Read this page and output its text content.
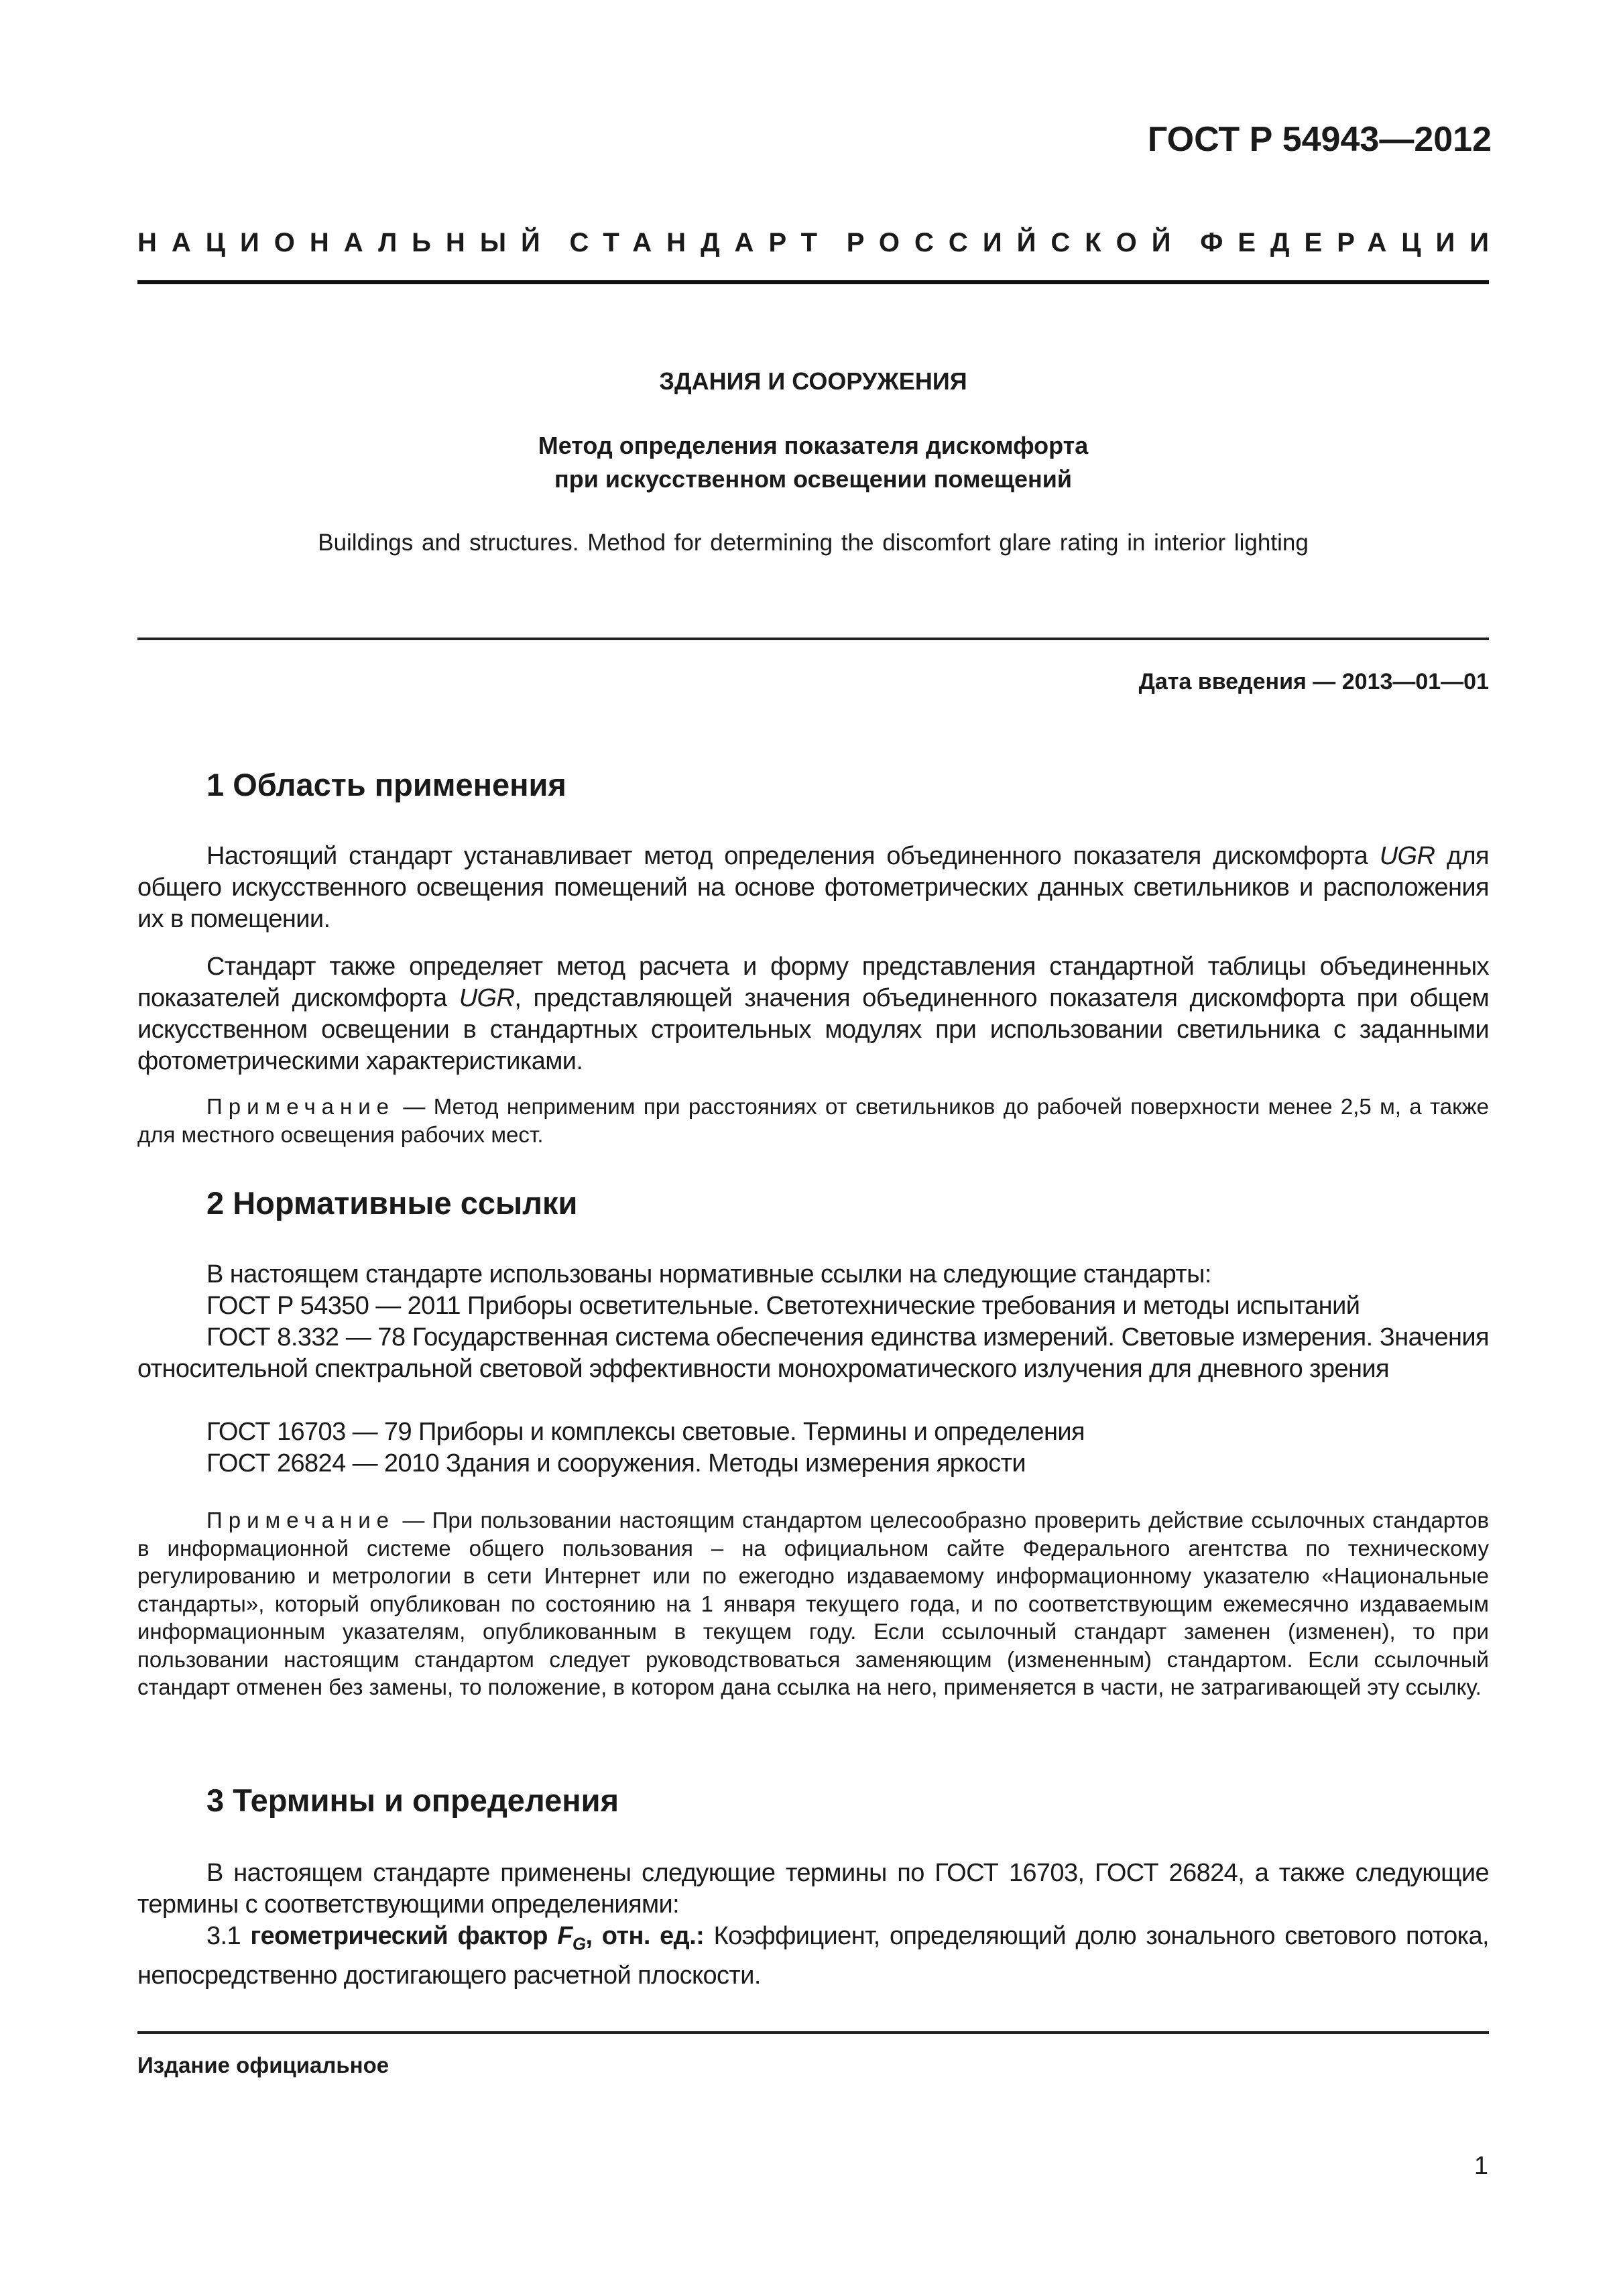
ГОСТ Р 54943—2012
НАЦИОНАЛЬНЫЙ СТАНДАРТ РОССИЙСКОЙ ФЕДЕРАЦИИ
ЗДАНИЯ И СООРУЖЕНИЯ
Метод определения показателя дискомфорта
при искусственном освещении помещений
Buildings and structures. Method for determining the discomfort glare rating in interior lighting
Дата введения — 2013—01—01
1 Область применения

Настоящий стандарт устанавливает метод определения объединенного показателя дискомфорта UGR для общего искусственного освещения помещений на основе фотометрических данных светильников и расположения их в помещении.

Стандарт также определяет метод расчета и форму представления стандартной таблицы объединенных показателей дискомфорта UGR, представляющей значения объединенного показателя дискомфорта при общем искусственном освещении в стандартных строительных модулях при использовании светильника с заданными фотометрическими характеристиками.

Примечание — Метод неприменим при расстояниях от светильников до рабочей поверхности менее 2,5 м, а также для местного освещения рабочих мест.

2 Нормативные ссылки

В настоящем стандарте использованы нормативные ссылки на следующие стандарты:

ГОСТ Р 54350 — 2011 Приборы осветительные. Светотехнические требования и методы испытаний

ГОСТ 8.332 — 78 Государственная система обеспечения единства измерений. Световые измерения. Значения относительной спектральной световой эффективности монохроматического излучения для дневного зрения

ГОСТ 16703 — 79 Приборы и комплексы световые. Термины и определения

ГОСТ 26824 — 2010 Здания и сооружения. Методы измерения яркости

Примечание — При пользовании настоящим стандартом целесообразно проверить действие ссылочных стандартов в информационной системе общего пользования – на официальном сайте Федерального агентства по техническому регулированию и метрологии в сети Интернет или по ежегодно издаваемому информационному указателю «Национальные стандарты», который опубликован по состоянию на 1 января текущего года, и по соответствующим ежемесячно издаваемым информационным указателям, опубликованным в текущем году. Если ссылочный стандарт заменен (изменен), то при пользовании настоящим стандартом следует руководствоваться заменяющим (измененным) стандартом. Если ссылочный стандарт отменен без замены, то положение, в котором дана ссылка на него, применяется в части, не затрагивающей эту ссылку.

3 Термины и определения

В настоящем стандарте применены следующие термины по ГОСТ 16703, ГОСТ 26824, а также следующие термины с соответствующими определениями:

3.1 геометрический фактор $F_G$, отн. ед.: Коэффициент, определяющий долю зонального светового потока, непосредственно достигающего расчетной плоскости.

Издание официальное
1
